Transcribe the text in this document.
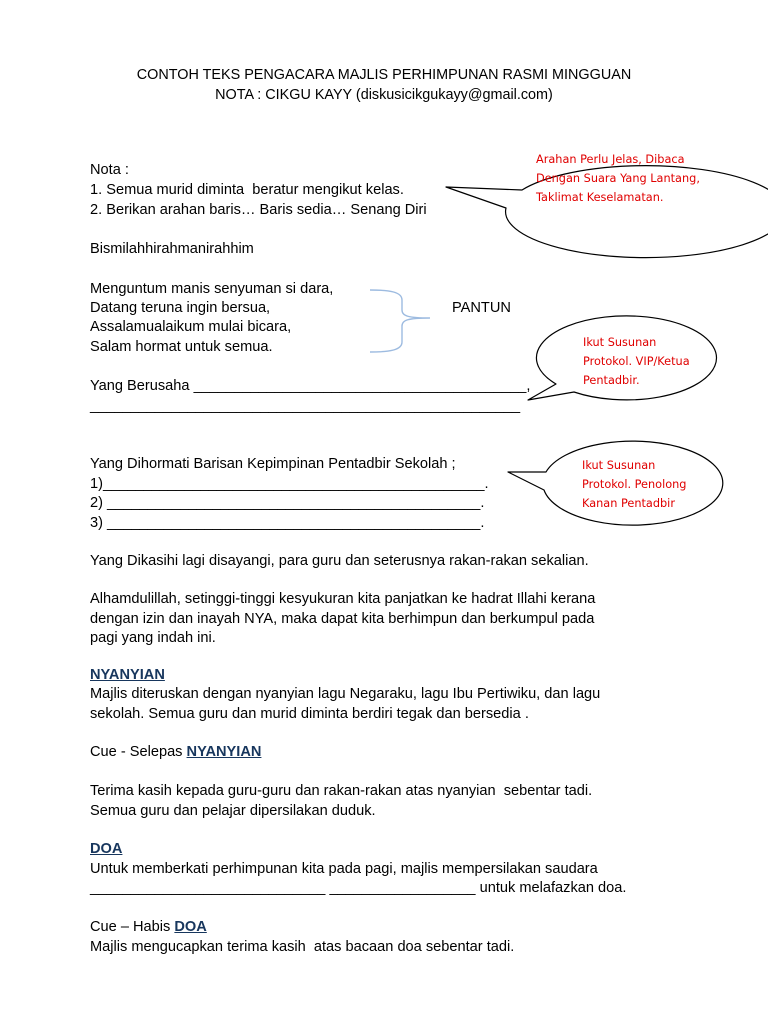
CONTOH TEKS PENGACARA MAJLIS PERHIMPUNAN RASMI MINGGUAN
NOTA : CIKGU KAYY (diskusicikgukayy@gmail.com)

Nota :

1. Semua murid diminta  beratur mengikut kelas.

2. Berikan arahan baris… Baris sedia… Senang Diri

Bismilahhirahmanirahhim

Menguntum manis senyuman si dara,

Datang teruna ingin bersua,

Assalamualaikum mulai bicara,

Salam hormat untuk semua.

PANTUN

Yang Berusaha _________________________________________,

_____________________________________________________

Yang Dihormati Barisan Kepimpinan Pentadbir Sekolah ;

1)_______________________________________________.

2) ______________________________________________.

3) ______________________________________________.

Yang Dikasihi lagi disayangi, para guru dan seterusnya rakan-rakan sekalian.

Alhamdulillah, setinggi-tinggi kesyukuran kita panjatkan ke hadrat Illahi kerana

dengan izin dan inayah NYA, maka dapat kita berhimpun dan berkumpul pada

pagi yang indah ini.

NYANYIAN

Majlis diteruskan dengan nyanyian lagu Negaraku, lagu Ibu Pertiwiku, dan lagu

sekolah. Semua guru dan murid diminta berdiri tegak dan bersedia .

Cue - Selepas NYANYIAN

Terima kasih kepada guru-guru dan rakan-rakan atas nyanyian  sebentar tadi.

Semua guru dan pelajar dipersilakan duduk.

DOA

Untuk memberkati perhimpunan kita pada pagi, majlis mempersilakan saudara

_____________________________ __________________ untuk melafazkan doa.

Cue – Habis DOA

Majlis mengucapkan terima kasih  atas bacaan doa sebentar tadi.

Arahan Perlu Jelas, Dibaca
Dengan Suara Yang Lantang,
Taklimat Keselamatan.
Ikut Susunan
Protokol. VIP/Ketua
Pentadbir.
Ikut Susunan
Protokol. Penolong
Kanan Pentadbir
